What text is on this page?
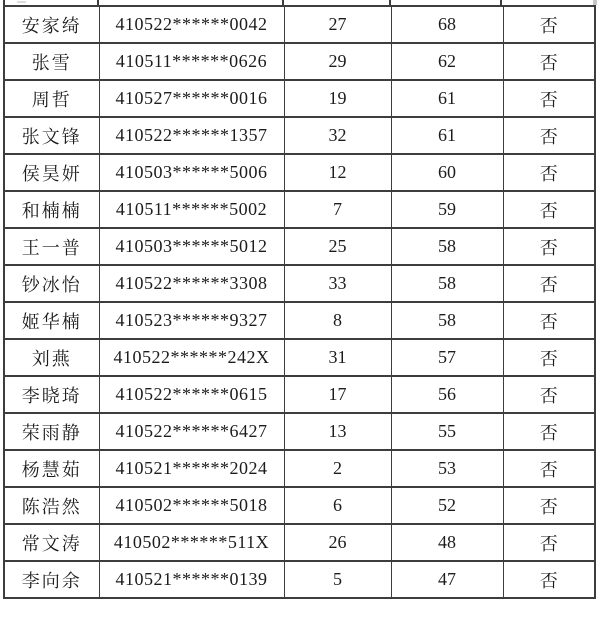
安家绮	410522******0042	27	68	否
张雪	410511******0626	29	62	否
周哲	410527******0016	19	61	否
张文锋	410522******1357	32	61	否
侯昊妍	410503******5006	12	60	否
和楠楠	410511******5002	7	59	否
王一普	410503******5012	25	58	否
钞冰怡	410522******3308	33	58	否
姬华楠	410523******9327	8	58	否
刘燕	410522******242X	31	57	否
李晓琦	410522******0615	17	56	否
荣雨静	410522******6427	13	55	否
杨慧茹	410521******2024	2	53	否
陈浩然	410502******5018	6	52	否
常文涛	410502******511X	26	48	否
李向余	410521******0139	5	47	否
